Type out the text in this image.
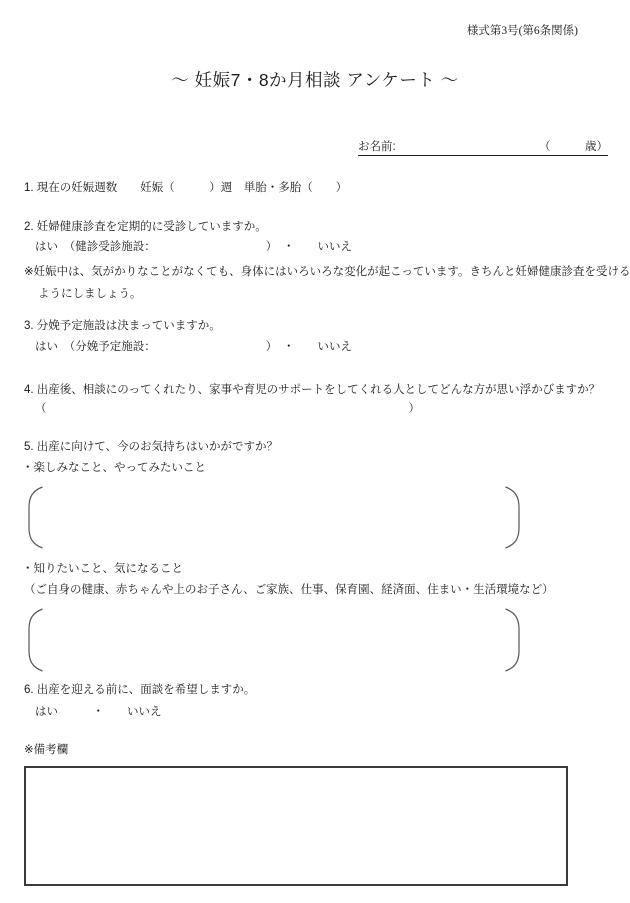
様式第3号(第6条関係)
～ 妊娠7・8か月相談 アンケート ～
お名前:	（　　　歳）
1. 現在の妊娠週数　　妊娠（　　　）週　単胎・多胎（　　）
2. 妊婦健康診査を定期的に受診していますか。
はい　（健診受診施設：	）　・　　いいえ
※妊娠中は、気がかりなことがなくても、身体にはいろいろな変化が起こっています。きちんと妊婦健康診査を受ける
ようにしましょう。
3. 分娩予定施設は決まっていますか。
はい　（分娩予定施設：	）　・　　いいえ
4. 出産後、相談にのってくれたり、家事や育児のサポートをしてくれる人としてどんな方が思い浮かびますか？
（	）
5. 出産に向けて、今のお気持ちはいかがですか？
・楽しみなこと、やってみたいこと
・知りたいこと、気になること
（ご自身の健康、赤ちゃんや上のお子さん、ご家族、仕事、保育園、経済面、住まい・生活環境など）
6. 出産を迎える前に、面談を希望しますか。
はい　　　・　　いいえ
※備考欄
